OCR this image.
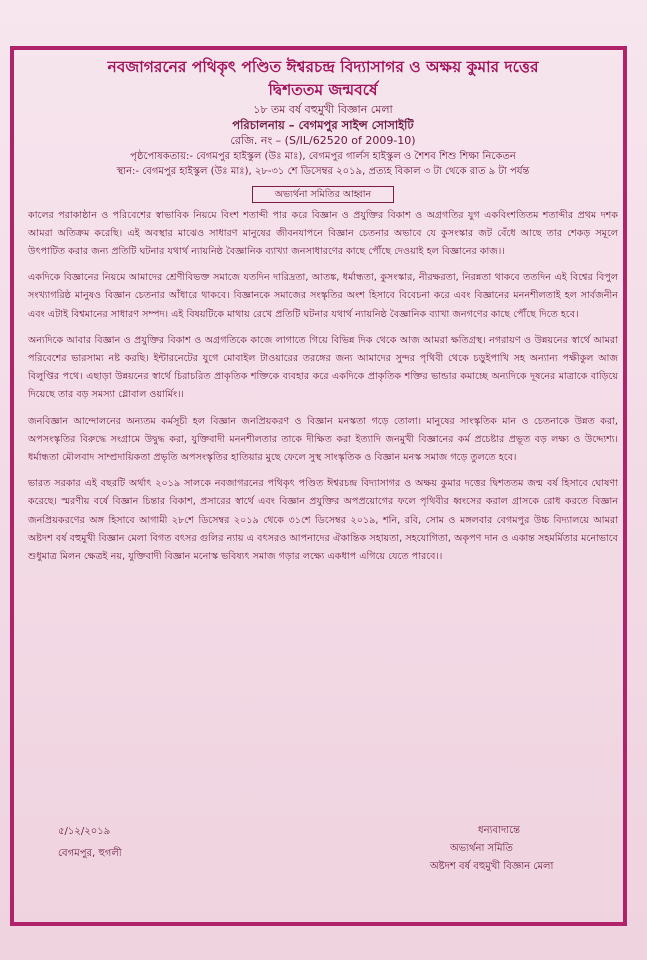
নবজাগরনের পথিকৃৎ পণ্ডিত ঈশ্বরচন্দ্র বিদ্যাসাগর ও অক্ষয় কুমার দত্তের

দ্বিশততম জন্মবর্ষে

১৮ তম বর্ষ বহুমুখী বিজ্ঞান মেলা

পরিচালনায় – বেগমপুর সাইন্স সোসাইটি

রেজি. নং – (S/IL/62520 of 2009-10)

পৃষ্ঠপোষকতায়:- বেগমপুর হাইস্কুল (উঃ মাঃ), বেগমপুর গার্লস হাইস্কুল ও শৈশব শিশু শিক্ষা নিকেতন

স্থান:- বেগমপুর হাইস্কুল (উঃ মাঃ), ২৮-৩১ শে ডিসেম্বর ২০১৯, প্রত্যহ বিকাল ৩ টা থেকে রাত ৯ টা পর্যন্ত

অভ্যর্থনা সমিতির আহ্বান

কালের পরাকাষ্ঠান ও পরিবেশের স্বাভাবিক নিয়মে বিংশ শতাব্দী পার করে বিজ্ঞান ও প্রযুক্তির বিকাশ ও অগ্রগতির যুগ একবিংশতিতম শতাব্দীর প্রথম দশক আমরা অতিক্রম করেছি। এই অবস্থার মাঝেও সাধারণ মানুষের জীবনযাপনে বিজ্ঞান চেতনার অভাবে যে কুসংস্কার জট বেঁধে আছে তার শেকড় সমূলে উৎপাটিত করার জন্য প্রতিটি ঘটনার যথার্থ ন্যায়নিষ্ঠ বৈজ্ঞানিক ব্যাখ্যা জনসাধারণের কাছে পৌঁছে দেওয়াই হল বিজ্ঞানের কাজ।।

একদিকে বিজ্ঞানের নিয়মে আমাদের শ্রেণীবিভক্ত সমাজে যতদিন দারিদ্রতা, আতঙ্ক, ধর্মান্ধতা, কুসংস্কার, নীরক্ষরতা, নিরন্নতা থাকবে ততদিন এই বিশ্বের বিপুল সংখ্যাগরিষ্ঠ মানুষও বিজ্ঞান চেতনার আঁধারে থাকবে। বিজ্ঞানকে সমাজের সংস্কৃতির অংশ হিসাবে বিবেচনা করে এবং বিজ্ঞানের মননশীলতাই হল সার্বজনীন এবং এটাই বিশ্বমানের সাধারণ সম্পদ। এই বিষয়টিকে মাথায় রেখে প্রতিটি ঘটনার যথার্থ ন্যায়নিষ্ঠ বৈজ্ঞানিক ব্যাখা জনগণের কাছে পৌঁছে দিতে হবে।

অন্যদিকে আবার বিজ্ঞান ও প্রযুক্তির বিকাশ ও অগ্রগতিকে কাজে লাগাতে গিয়ে বিভিন্ন দিক থেকে আজ আমরা ক্ষতিগ্রস্থ। নগরায়ণ ও উন্নয়নের স্বার্থে আমরা পরিবেশের ভারসাম্য নষ্ট করছি। ইন্টারনেটের যুগে মোবাইল টাওয়ারের তরঙ্গের জন্য আমাদের সুন্দর পৃথিবী থেকে চড়ুইপাখি সহ অন্যান্য পক্ষীকুল আজ বিলুপ্তির পথে। এছাড়া উন্নয়নের স্বার্থে চিরাচরিত প্রাকৃতিক শক্তিকে ব্যবহার করে একদিকে প্রাকৃতিক শক্তির ভান্ডার কমাচ্ছে অন্যদিকে দূষনের মাত্রাকে বাড়িয়ে দিয়েছে তার বড় সমস্যা গ্লোবাল ওয়ার্মিং।।

জনবিজ্ঞান আন্দোলনের অন্যতম কর্মসূচী হল বিজ্ঞান জনপ্রিয়করণ ও বিজ্ঞান মনস্কতা গড়ে তোলা। মানুষের সাংস্কৃতিক মান ও চেতনাকে উন্নত করা, অপসংস্কৃতির বিরুদ্ধে সংগ্রামে উদ্বুদ্ধ করা, যুক্তিবাদী মননশীলতার তাকে দীক্ষিত করা ইত্যাদি জনমুখী বিজ্ঞানের কর্ম প্রচেষ্টার প্রভূত বড় লক্ষ্য ও উদ্দ্যেশ্য। ধর্মান্ধতা মৌলবাদ সাম্প্রদায়িকতা প্রভৃতি অপসংস্কৃতির হাতিয়ার মুছে ফেলে সুস্থ সাংস্কৃতিক ও বিজ্ঞান মনস্ক সমাজ গড়ে তুলতে হবে।

ভারত সরকার এই বছরটি অর্থাৎ ২০১৯ সালকে নবজাগরনের পথিকৃৎ পণ্ডিত ঈশ্বরচন্দ্র বিদ্যাসাগর ও অক্ষয় কুমার দত্তের দ্বিশততম জন্ম বর্ষ হিসাবে ঘোষণা করেছে। স্মরণীয় বর্ষে বিজ্ঞান চিন্তার বিকাশ, প্রসারের স্বার্থে এবং বিজ্ঞান প্রযুক্তির অপপ্রয়োগের ফলে পৃথিবীর ধ্বংসের করাল গ্রাসকে রোধ করতে বিজ্ঞান জনপ্রিয়করণের অঙ্গ হিসাবে আগামী ২৮শে ডিসেম্বর ২০১৯ থেকে ৩১শে ডিসেম্বর ২০১৯, শনি, রবি, সোম ও মঙ্গলবার বেগমপুর উচ্চ বিদ্যালয়ে আমরা অষ্টদশ বর্ষ বহুমুখী বিজ্ঞান মেলা বিগত বৎসর গুলির ন্যায় এ বৎসরও আপনাদের ঐকান্তিক সহায়তা, সহযোগিতা, অকৃপণ দান ও একান্ত সহমর্মিতার মনোভাবে শুধুমাত্র মিলন ক্ষেত্রই নয়, যুক্তিবাদী বিজ্ঞান মনোস্ক ভবিষ্যৎ সমাজ গড়ার লক্ষ্যে একধাপ এগিয়ে যেতে পারবে।।

ধন্যবাদান্তে
অভ্যর্থনা সমিতি
অষ্টদশ বর্ষ বহুমুখী বিজ্ঞান মেলা
৫/১২/২০১৯
বেগমপুর, হুগলী
